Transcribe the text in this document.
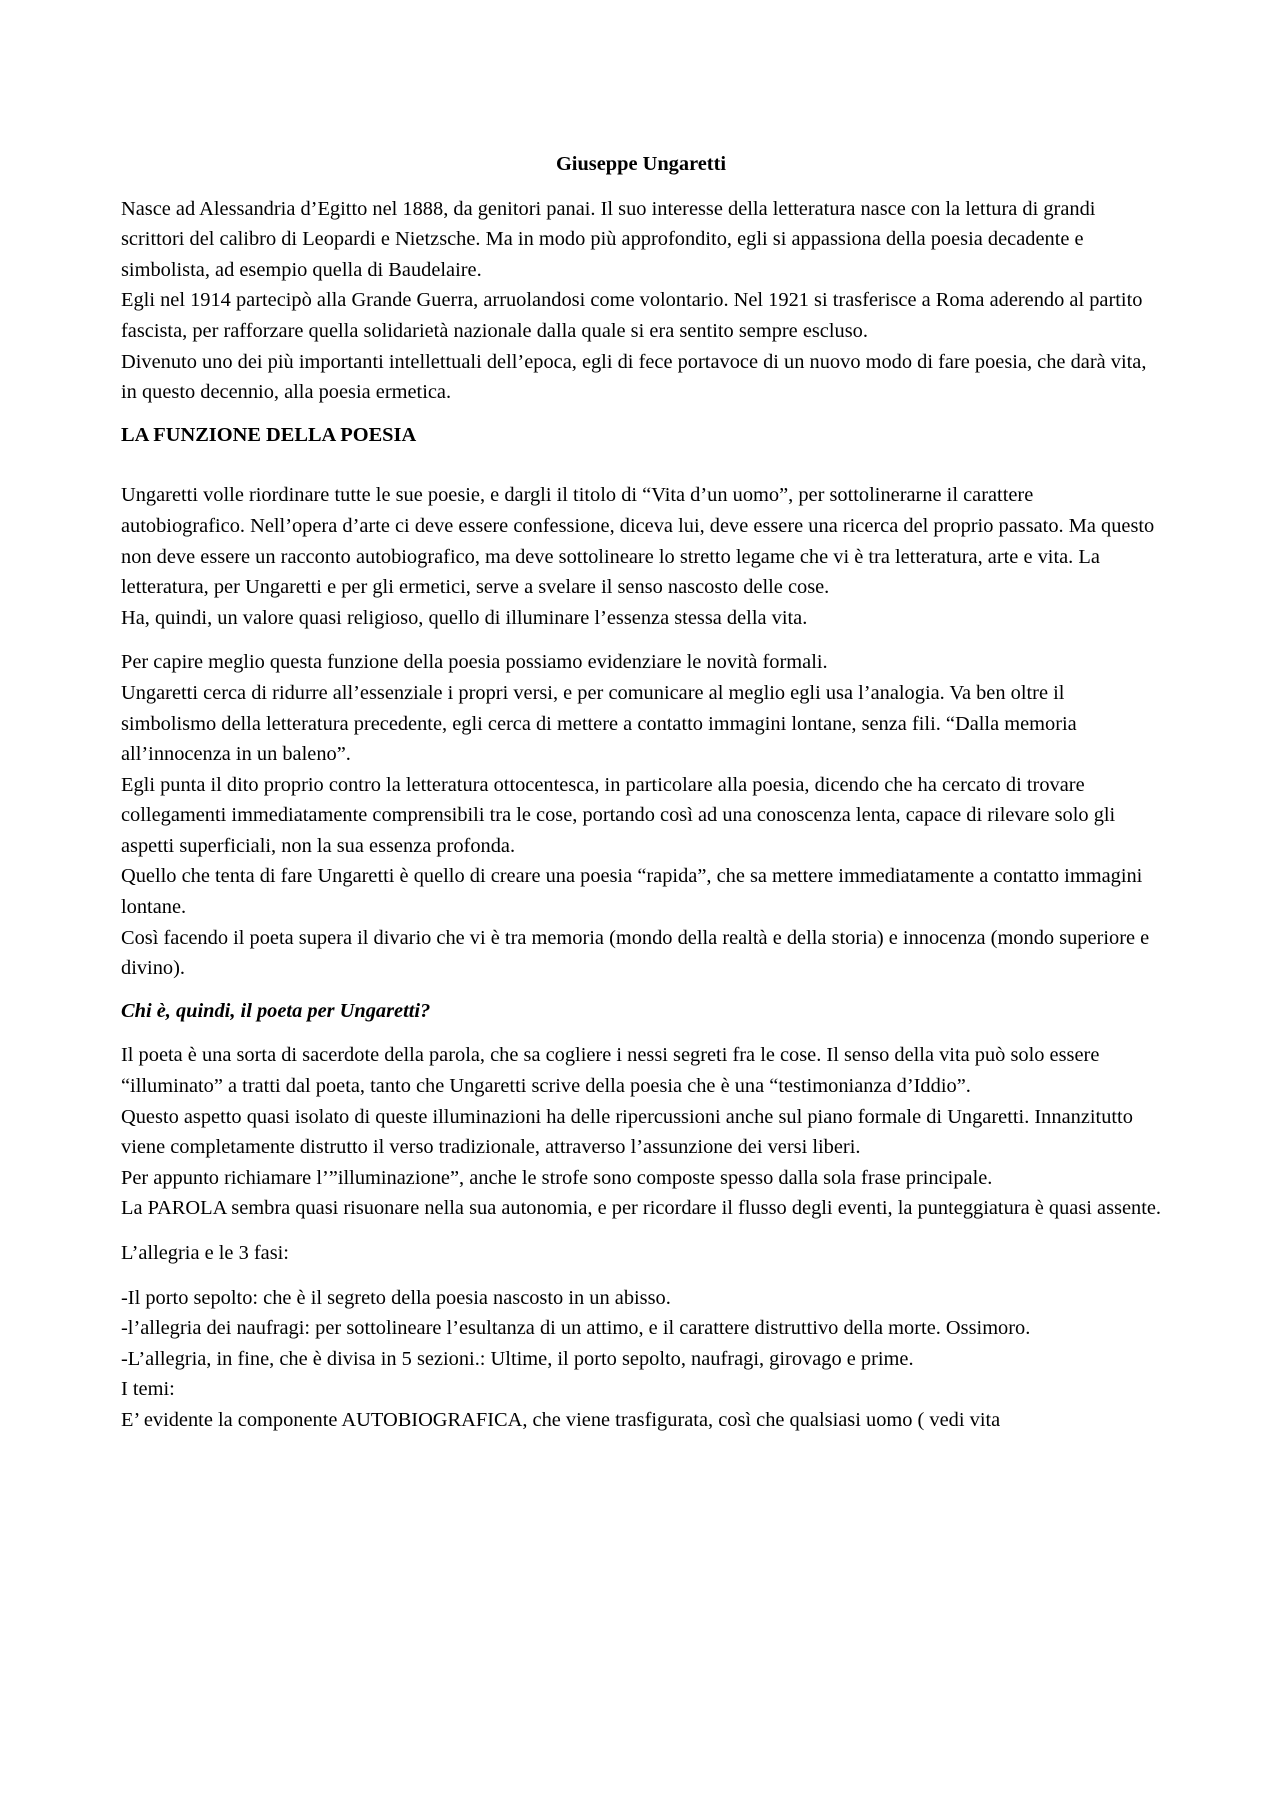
Giuseppe Ungaretti

Nasce ad Alessandria d’Egitto nel 1888, da genitori panai. Il suo interesse della letteratura nasce con la lettura di grandi scrittori del calibro di Leopardi e Nietzsche. Ma in modo più approfondito, egli si appassiona della poesia decadente e simbolista, ad esempio quella di Baudelaire.

Egli nel 1914 partecipò alla Grande Guerra, arruolandosi come volontario. Nel 1921 si trasferisce a Roma aderendo al partito fascista, per rafforzare quella solidarietà nazionale dalla quale si era sentito sempre escluso.

Divenuto uno dei più importanti intellettuali dell’epoca, egli di fece portavoce di un nuovo modo di fare poesia, che darà vita, in questo decennio, alla poesia ermetica.

LA FUNZIONE DELLA POESIA

Ungaretti volle riordinare tutte le sue poesie, e dargli il titolo di “Vita d’un uomo”, per sottolinerarne il carattere autobiografico. Nell’opera d’arte ci deve essere confessione, diceva lui, deve essere una ricerca del proprio passato. Ma questo non deve essere un racconto autobiografico, ma deve sottolineare lo stretto legame che vi è tra letteratura, arte e vita. La letteratura, per Ungaretti e per gli ermetici, serve a svelare il senso nascosto delle cose.

Ha, quindi, un valore quasi religioso, quello di illuminare l’essenza stessa della vita.

Per capire meglio questa funzione della poesia possiamo evidenziare le novità formali.

Ungaretti cerca di ridurre all’essenziale i propri versi, e per comunicare al meglio egli usa l’analogia. Va ben oltre il simbolismo della letteratura precedente, egli cerca di mettere a contatto immagini lontane, senza fili. “Dalla memoria all’innocenza in un baleno”.

Egli punta il dito proprio contro la letteratura ottocentesca, in particolare alla poesia, dicendo che ha cercato di trovare collegamenti immediatamente comprensibili tra le cose, portando così ad una conoscenza lenta, capace di rilevare solo gli aspetti superficiali, non la sua essenza profonda.

Quello che tenta di fare Ungaretti è quello di creare una poesia “rapida”, che sa mettere immediatamente a contatto immagini lontane.

Così facendo il poeta supera il divario che vi è tra memoria (mondo della realtà e della storia) e innocenza (mondo superiore e divino).

Chi è, quindi, il poeta per Ungaretti?

Il poeta è una sorta di sacerdote della parola, che sa cogliere i nessi segreti fra le cose. Il senso della vita può solo essere “illuminato” a tratti dal poeta, tanto che Ungaretti scrive della poesia che è una “testimonianza d’Iddio”.

Questo aspetto quasi isolato di queste illuminazioni ha delle ripercussioni anche sul piano formale di Ungaretti. Innanzitutto viene completamente distrutto il verso tradizionale, attraverso l’assunzione dei versi liberi.

Per appunto richiamare l’”illuminazione”, anche le strofe sono composte spesso dalla sola frase principale.

La PAROLA sembra quasi risuonare nella sua autonomia, e per ricordare il flusso degli eventi, la punteggiatura è quasi assente.

L’allegria e le 3 fasi:

-Il porto sepolto: che è il segreto della poesia nascosto in un abisso.

-l’allegria dei naufragi: per sottolineare l’esultanza di un attimo, e il carattere distruttivo della morte. Ossimoro.

-L’allegria, in fine, che è divisa in 5 sezioni.: Ultime, il porto sepolto, naufragi, girovago e prime.

I temi:

E’ evidente la componente AUTOBIOGRAFICA, che viene trasfigurata, così che qualsiasi uomo ( vedi vita
